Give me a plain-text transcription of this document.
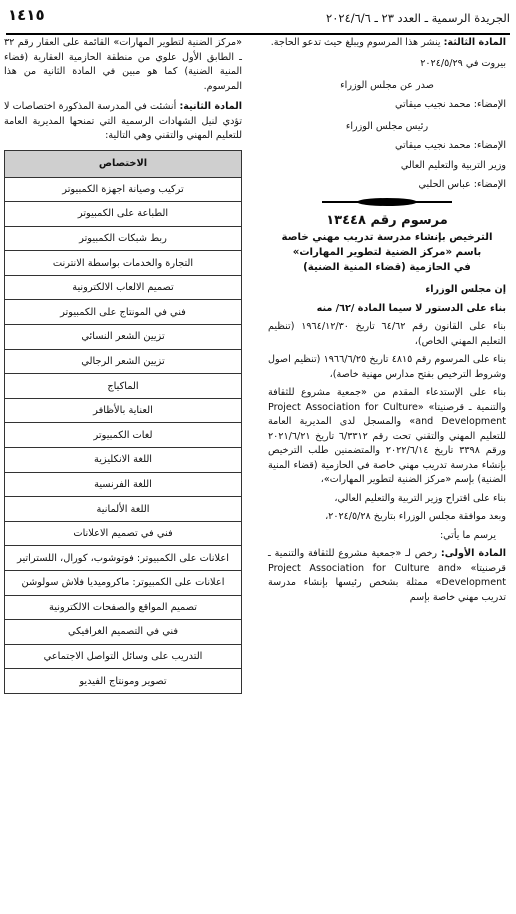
الجريدة الرسمية ـ العدد ٢٣ ـ ٢٠٢٤/٦/٦
١٤١٥

المادة الثالثة: ينشر هذا المرسوم ويبلغ حيث تدعو الحاجة.

بيروت في ٢٠٢٤/٥/٢٩

صدر عن مجلس الوزراء

الإمضاء: محمد نجيب ميقاتي

رئيس مجلس الوزراء

الإمضاء: محمد نجيب ميقاتي

وزير التربية والتعليم العالي

الإمضاء: عباس الحلبي

مرسوم رقم ١٣٤٤٨
الترخيص بإنشاء مدرسة تدريب مهني خاصة
باسم «مركز الضنية لتطوير المهارات»
في الحازمية (قضاء المنية الضنية)

إن مجلس الوزراء

بناء على الدستور لا سيما المادة /٦٢/ منه

بناء على القانون رقم ٦٤/٦٢ تاريخ ١٩٦٤/١٢/٣٠ (تنظيم التعليم المهني الخاص)،

بناء على المرسوم رقم ٤٨١٥ تاريخ ١٩٦٦/٦/٢٥ (تنظيم اصول وشروط الترخيص بفتح مدارس مهنية خاصة)،

بناء على الإستدعاء المقدم من «جمعية مشروع للثقافة والتنمية ـ قرصنيتا» «Project Association for Culture and Development» والمسجل لدى المديرية العامة للتعليم المهني والتقني تحت رقم ٦/٣٣١٢ تاريخ ٢٠٢١/٦/٢١ ورقم ٣٣٩٨ تاريخ ٢٠٢٢/٦/١٤ والمتضمنين طلب الترخيص بإنشاء مدرسة تدريب مهني خاصة في الحازمية (قضاء المنية الضنية) بإسم «مركز الضنية لتطوير المهارات»،

بناء على اقتراح وزير التربية والتعليم العالي،

وبعد موافقة مجلس الوزراء بتاريخ ٢٠٢٤/٥/٢٨،

يرسم ما يأتي:

المادة الأولى: رخص لـ «جمعية مشروع للثقافة والتنمية ـ قرصنيتا» «Project Association for Culture and Development» ممثلة بشخص رئيسها بإنشاء مدرسة تدريب مهني خاصة بإسم

«مركز الضنية لتطوير المهارات» القائمة على العقار رقم ٣٢ ـ الطابق الأول علوي من منطقة الحازمية العقارية (قضاء المنية الضنية) كما هو مبين في المادة الثانية من هذا المرسوم.

المادة الثانية: أنشئت في المدرسة المذكورة اختصاصات لا تؤدي لنيل الشهادات الرسمية التي تمنحها المديرية العامة للتعليم المهني والتقني وهي التالية:

الاختصاص
تركيب وصيانة اجهزة الكمبيوتر
الطباعة على الكمبيوتر
ربط شبكات الكمبيوتر
التجارة والخدمات بواسطة الانترنت
تصميم الالعاب الالكترونية
فني في المونتاج على الكمبيوتر
تزيين الشعر النسائي
تزيين الشعر الرجالي
الماكياج
العناية بالأظافر
لغات الكمبيوتر
اللغة الانكليزية
اللغة الفرنسية
اللغة الألمانية
فني في تصميم الاعلانات
اعلانات على الكمبيوتر: فوتوشوب، كورال، اللستراتير
اعلانات على الكمبيوتر: ماكروميديا فلاش سولوشن
تصميم المواقع والصفحات الالكترونية
فني في التصميم الغرافيكي
التدريب على وسائل التواصل الاجتماعي
تصوير ومونتاج الفيديو
